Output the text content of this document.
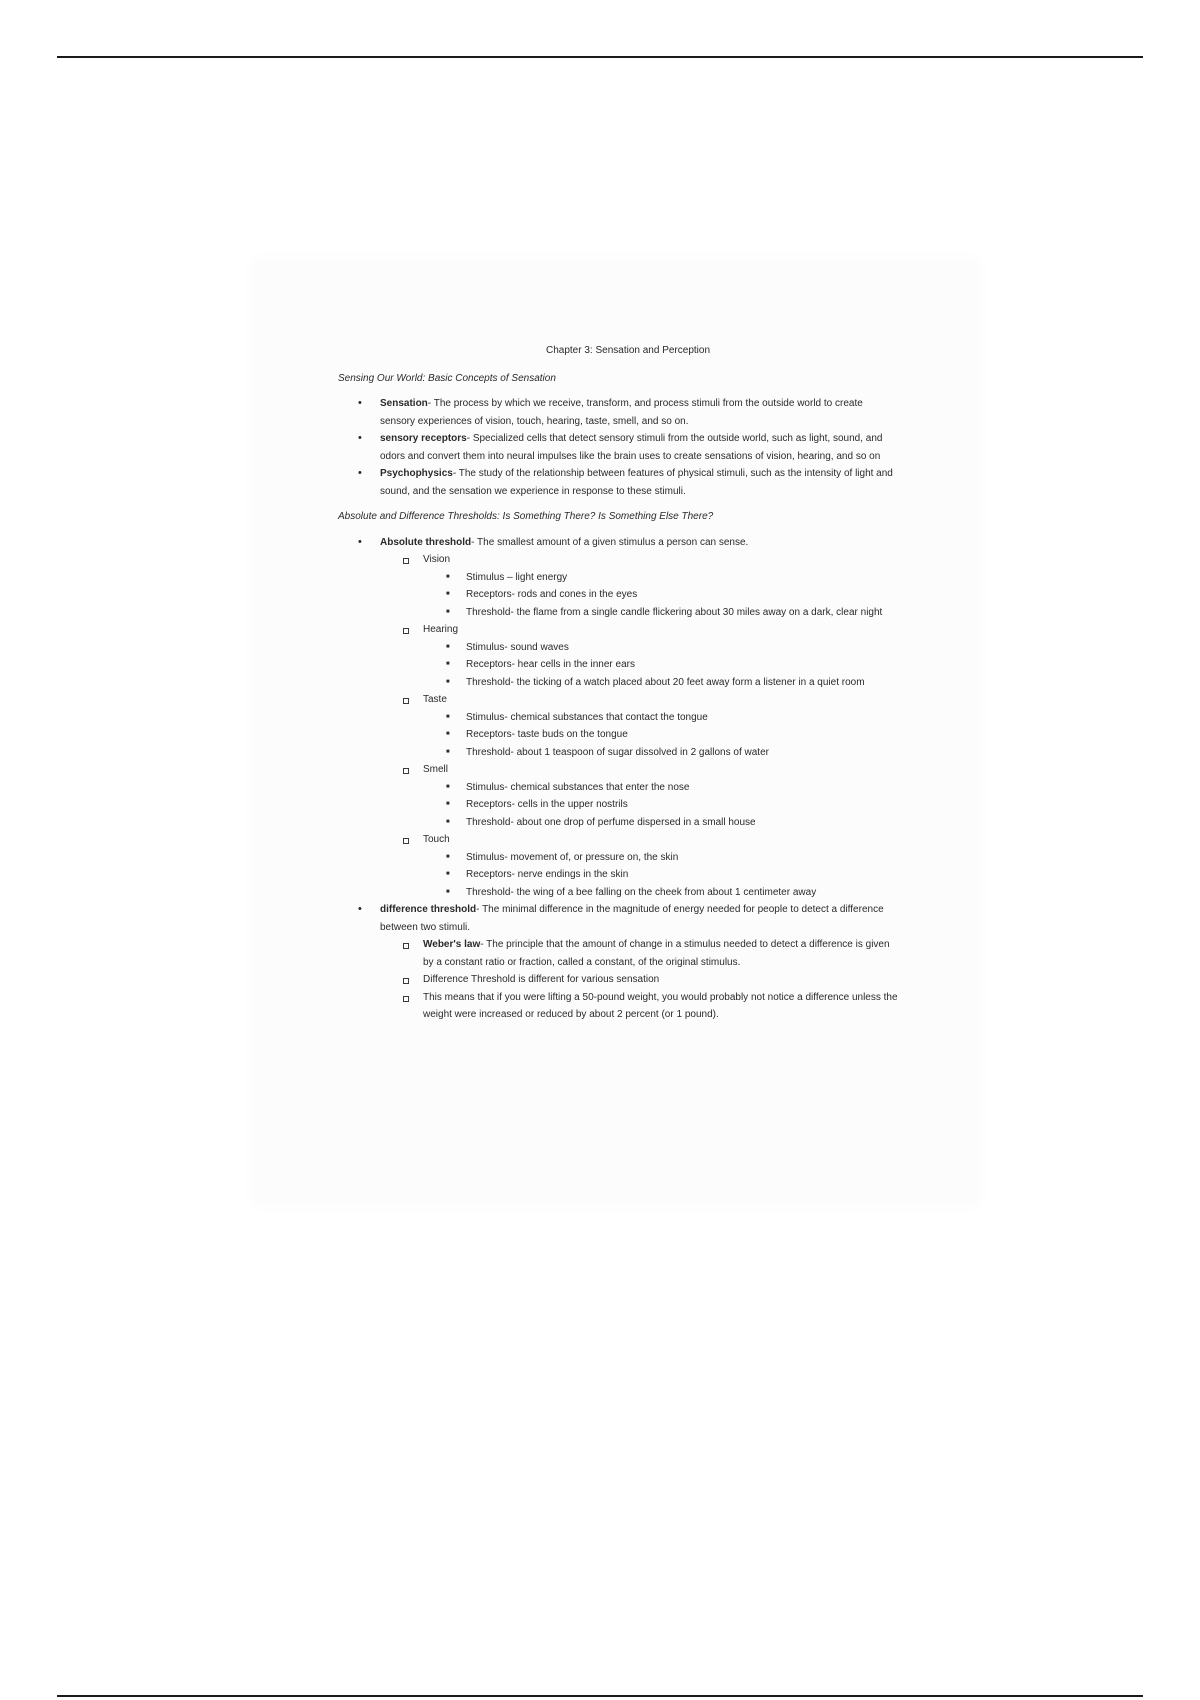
Chapter 3: Sensation and Perception
Sensing Our World: Basic Concepts of Sensation
• Sensation- The process by which we receive, transform, and process stimuli from the outside world to create sensory experiences of vision, touch, hearing, taste, smell, and so on.
• sensory receptors- Specialized cells that detect sensory stimuli from the outside world, such as light, sound, and odors and convert them into neural impulses like the brain uses to create sensations of vision, hearing, and so on
• Psychophysics- The study of the relationship between features of physical stimuli, such as the intensity of light and sound, and the sensation we experience in response to these stimuli.
Absolute and Difference Thresholds: Is Something There? Is Something Else There?
• Absolute threshold- The smallest amount of a given stimulus a person can sense.
Vision
■ Stimulus – light energy
■ Receptors- rods and cones in the eyes
■ Threshold- the flame from a single candle flickering about 30 miles away on a dark, clear night
Hearing
■ Stimulus- sound waves
■ Receptors- hear cells in the inner ears
■ Threshold- the ticking of a watch placed about 20 feet away form a listener in a quiet room
Taste
■ Stimulus- chemical substances that contact the tongue
■ Receptors- taste buds on the tongue
■ Threshold- about 1 teaspoon of sugar dissolved in 2 gallons of water
Smell
■ Stimulus- chemical substances that enter the nose
■ Receptors- cells in the upper nostrils
■ Threshold- about one drop of perfume dispersed in a small house
Touch
■ Stimulus- movement of, or pressure on, the skin
■ Receptors- nerve endings in the skin
■ Threshold- the wing of a bee falling on the cheek from about 1 centimeter away
• difference threshold- The minimal difference in the magnitude of energy needed for people to detect a difference between two stimuli.
Weber's law- The principle that the amount of change in a stimulus needed to detect a difference is given by a constant ratio or fraction, called a constant, of the original stimulus.
Difference Threshold is different for various sensation
This means that if you were lifting a 50-pound weight, you would probably not notice a difference unless the weight were increased or reduced by about 2 percent (or 1 pound).
